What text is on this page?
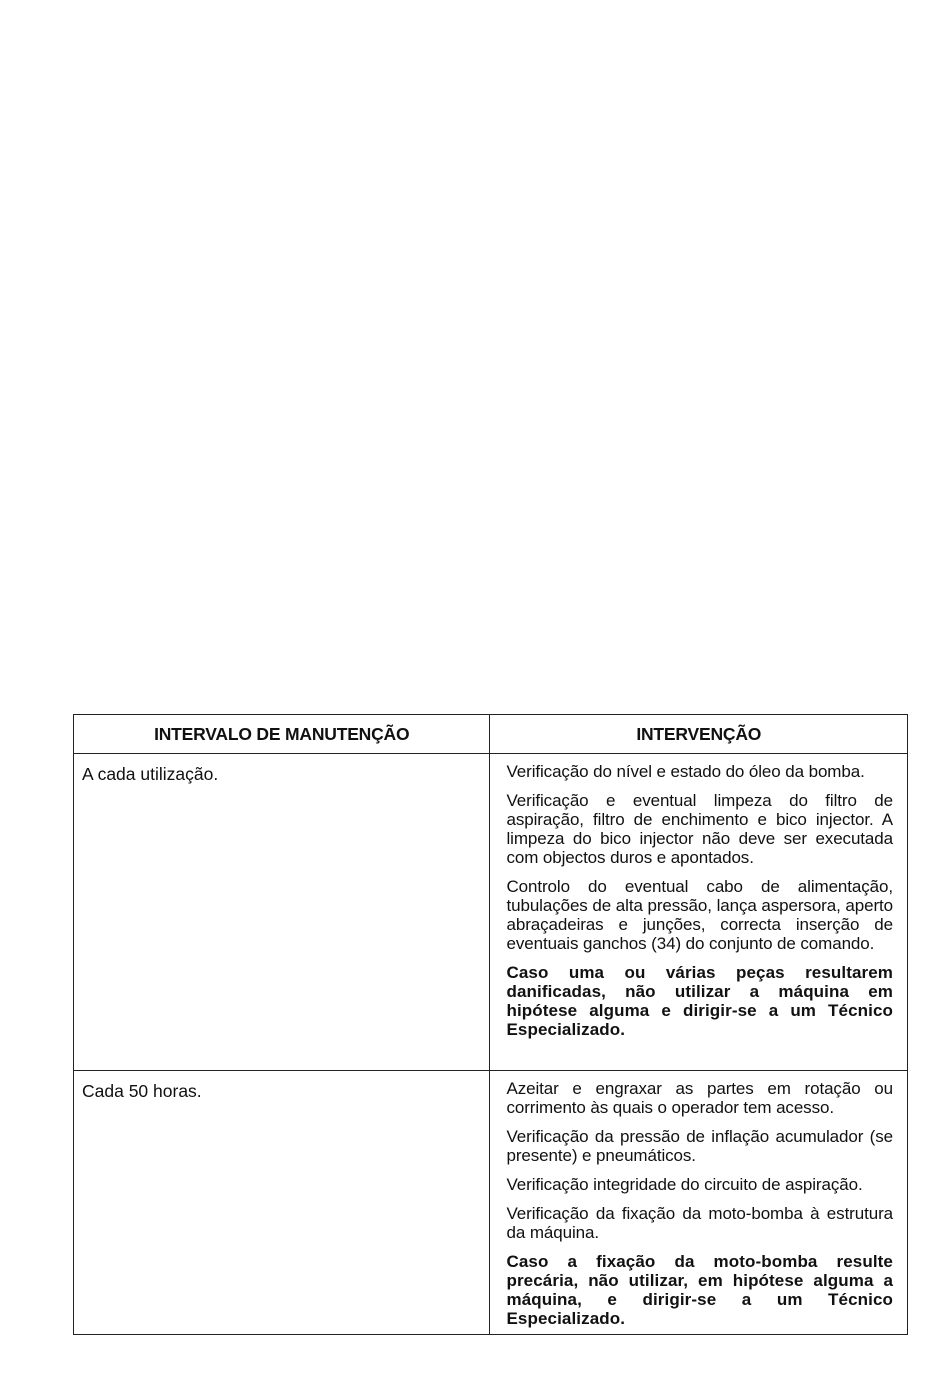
INTERVALO DE MANUTENÇÃO	INTERVENÇÃO
A cada utilização.	Verificação do nível e estado do óleo da bomba.

Verificação e eventual limpeza do filtro de aspiração, filtro de enchimento e bico injector. A limpeza do bico injector não deve ser executada com objectos duros e apontados.

Controlo do eventual cabo de alimentação, tubulações de alta pressão, lança aspersora, aperto abraçadeiras e junções, correcta inserção de eventuais ganchos (34) do conjunto de comando.

Caso uma ou várias peças resultarem danificadas, não utilizar a máquina em hipótese alguma e dirigir-se a um Técnico Especializado.

Cada 50 horas.	Azeitar e engraxar as partes em rotação ou corrimento às quais o operador tem acesso.

Verificação da pressão de inflação acumulador (se presente) e pneumáticos.

Verificação integridade do circuito de aspiração.

Verificação da fixação da moto-bomba à estrutura da máquina.

Caso a fixação da moto-bomba resulte precária, não utilizar, em hipótese alguma a máquina, e dirigir-se a um Técnico Especializado.
